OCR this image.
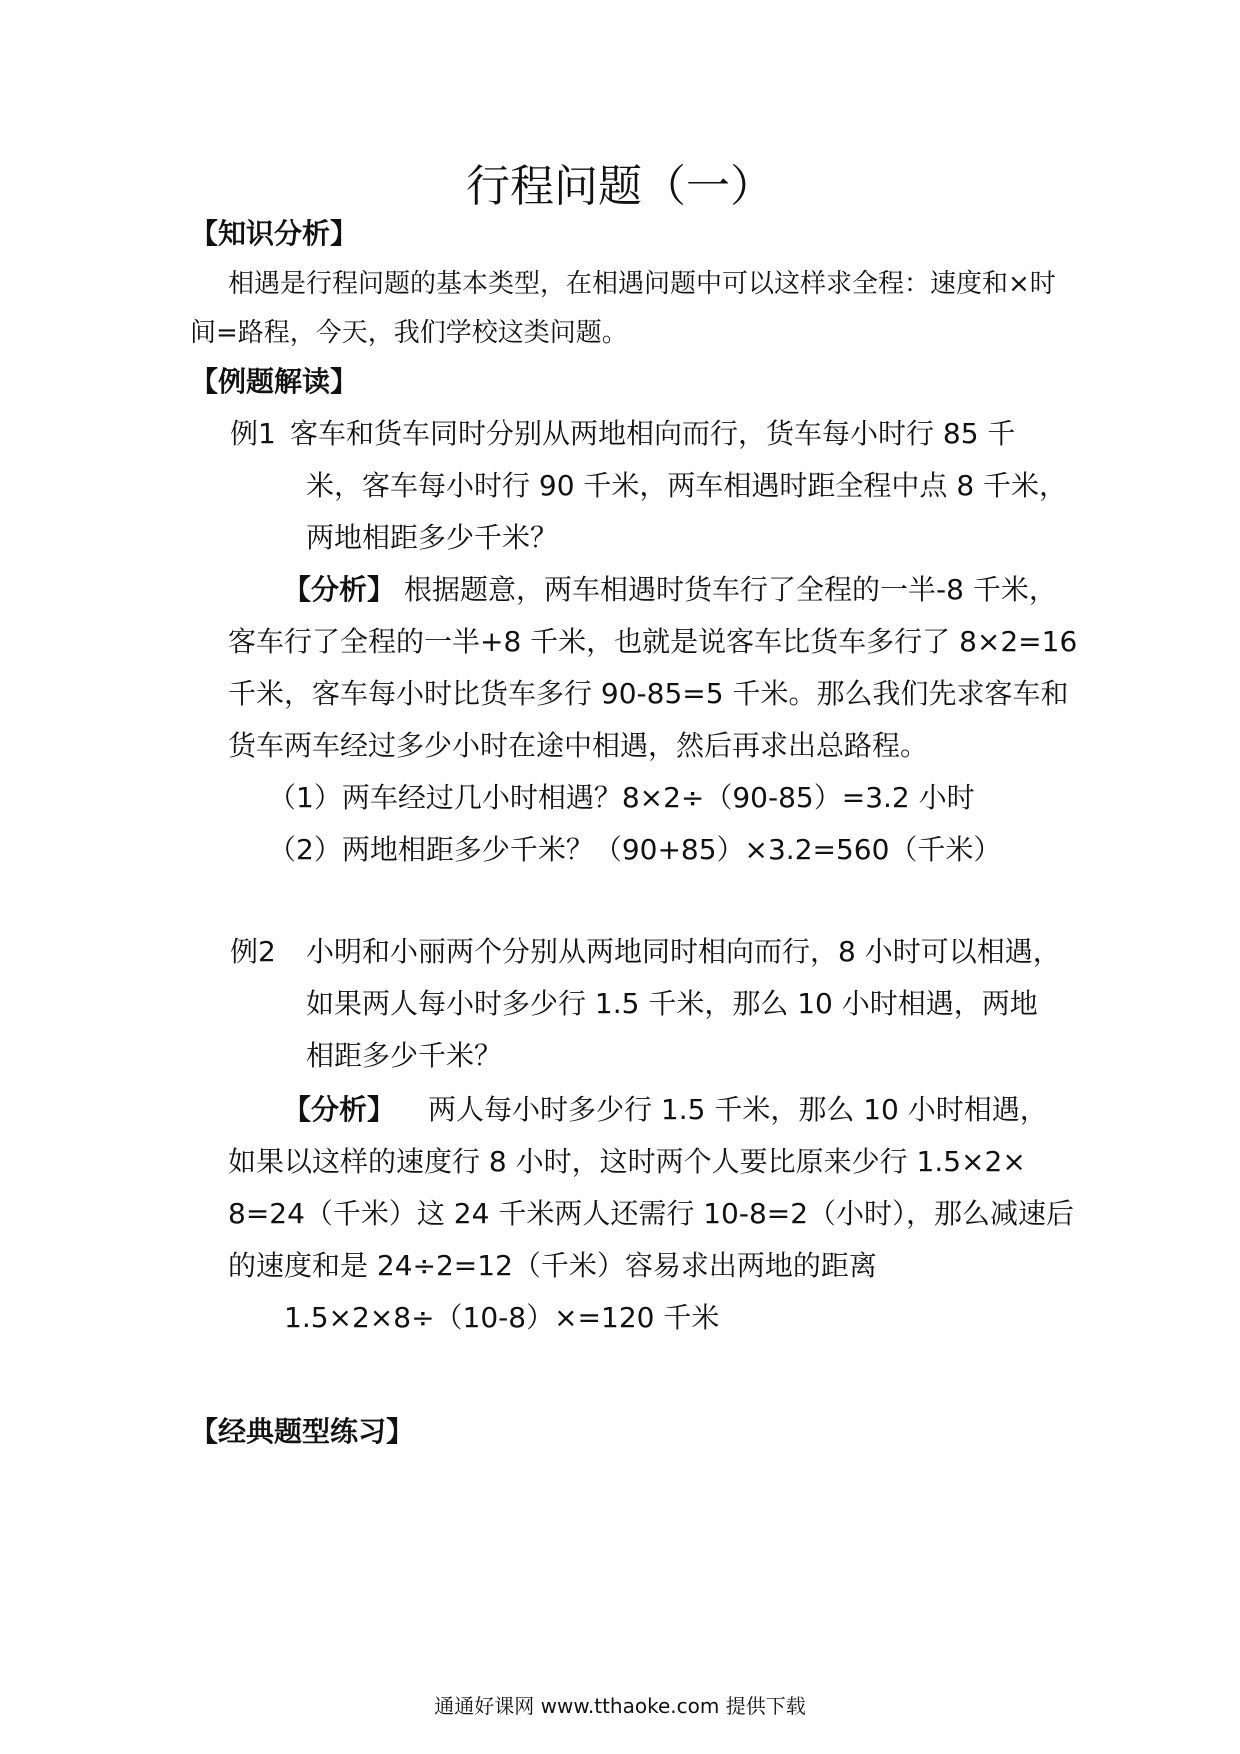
行程问题（一）
【知识分析】
相遇是行程问题的基本类型，在相遇问题中可以这样求全程：速度和×时
间=路程，今天，我们学校这类问题。
【例题解读】
例1 客车和货车同时分别从两地相向而行，货车每小时行 85 千
米，客车每小时行 90 千米，两车相遇时距全程中点 8 千米，
两地相距多少千米？
【分析】 根据题意，两车相遇时货车行了全程的一半-8 千米，
客车行了全程的一半+8 千米，也就是说客车比货车多行了 8×2=16
千米，客车每小时比货车多行 90-85=5 千米。那么我们先求客车和
货车两车经过多少小时在途中相遇，然后再求出总路程。
（1）两车经过几小时相遇？8×2÷（90-85）=3.2 小时
（2）两地相距多少千米？（90+85）×3.2=560（千米）
例2 小明和小丽两个分别从两地同时相向而行，8 小时可以相遇，
如果两人每小时多少行 1.5 千米，那么 10 小时相遇，两地
相距多少千米？
【分析】 两人每小时多少行 1.5 千米，那么 10 小时相遇，
如果以这样的速度行 8 小时，这时两个人要比原来少行 1.5×2×
8=24（千米）这 24 千米两人还需行 10-8=2（小时），那么减速后
的速度和是 24÷2=12（千米）容易求出两地的距离
1.5×2×8÷（10-8）×=120 千米
【经典题型练习】
通通好课网 www.tthaoke.com 提供下载
